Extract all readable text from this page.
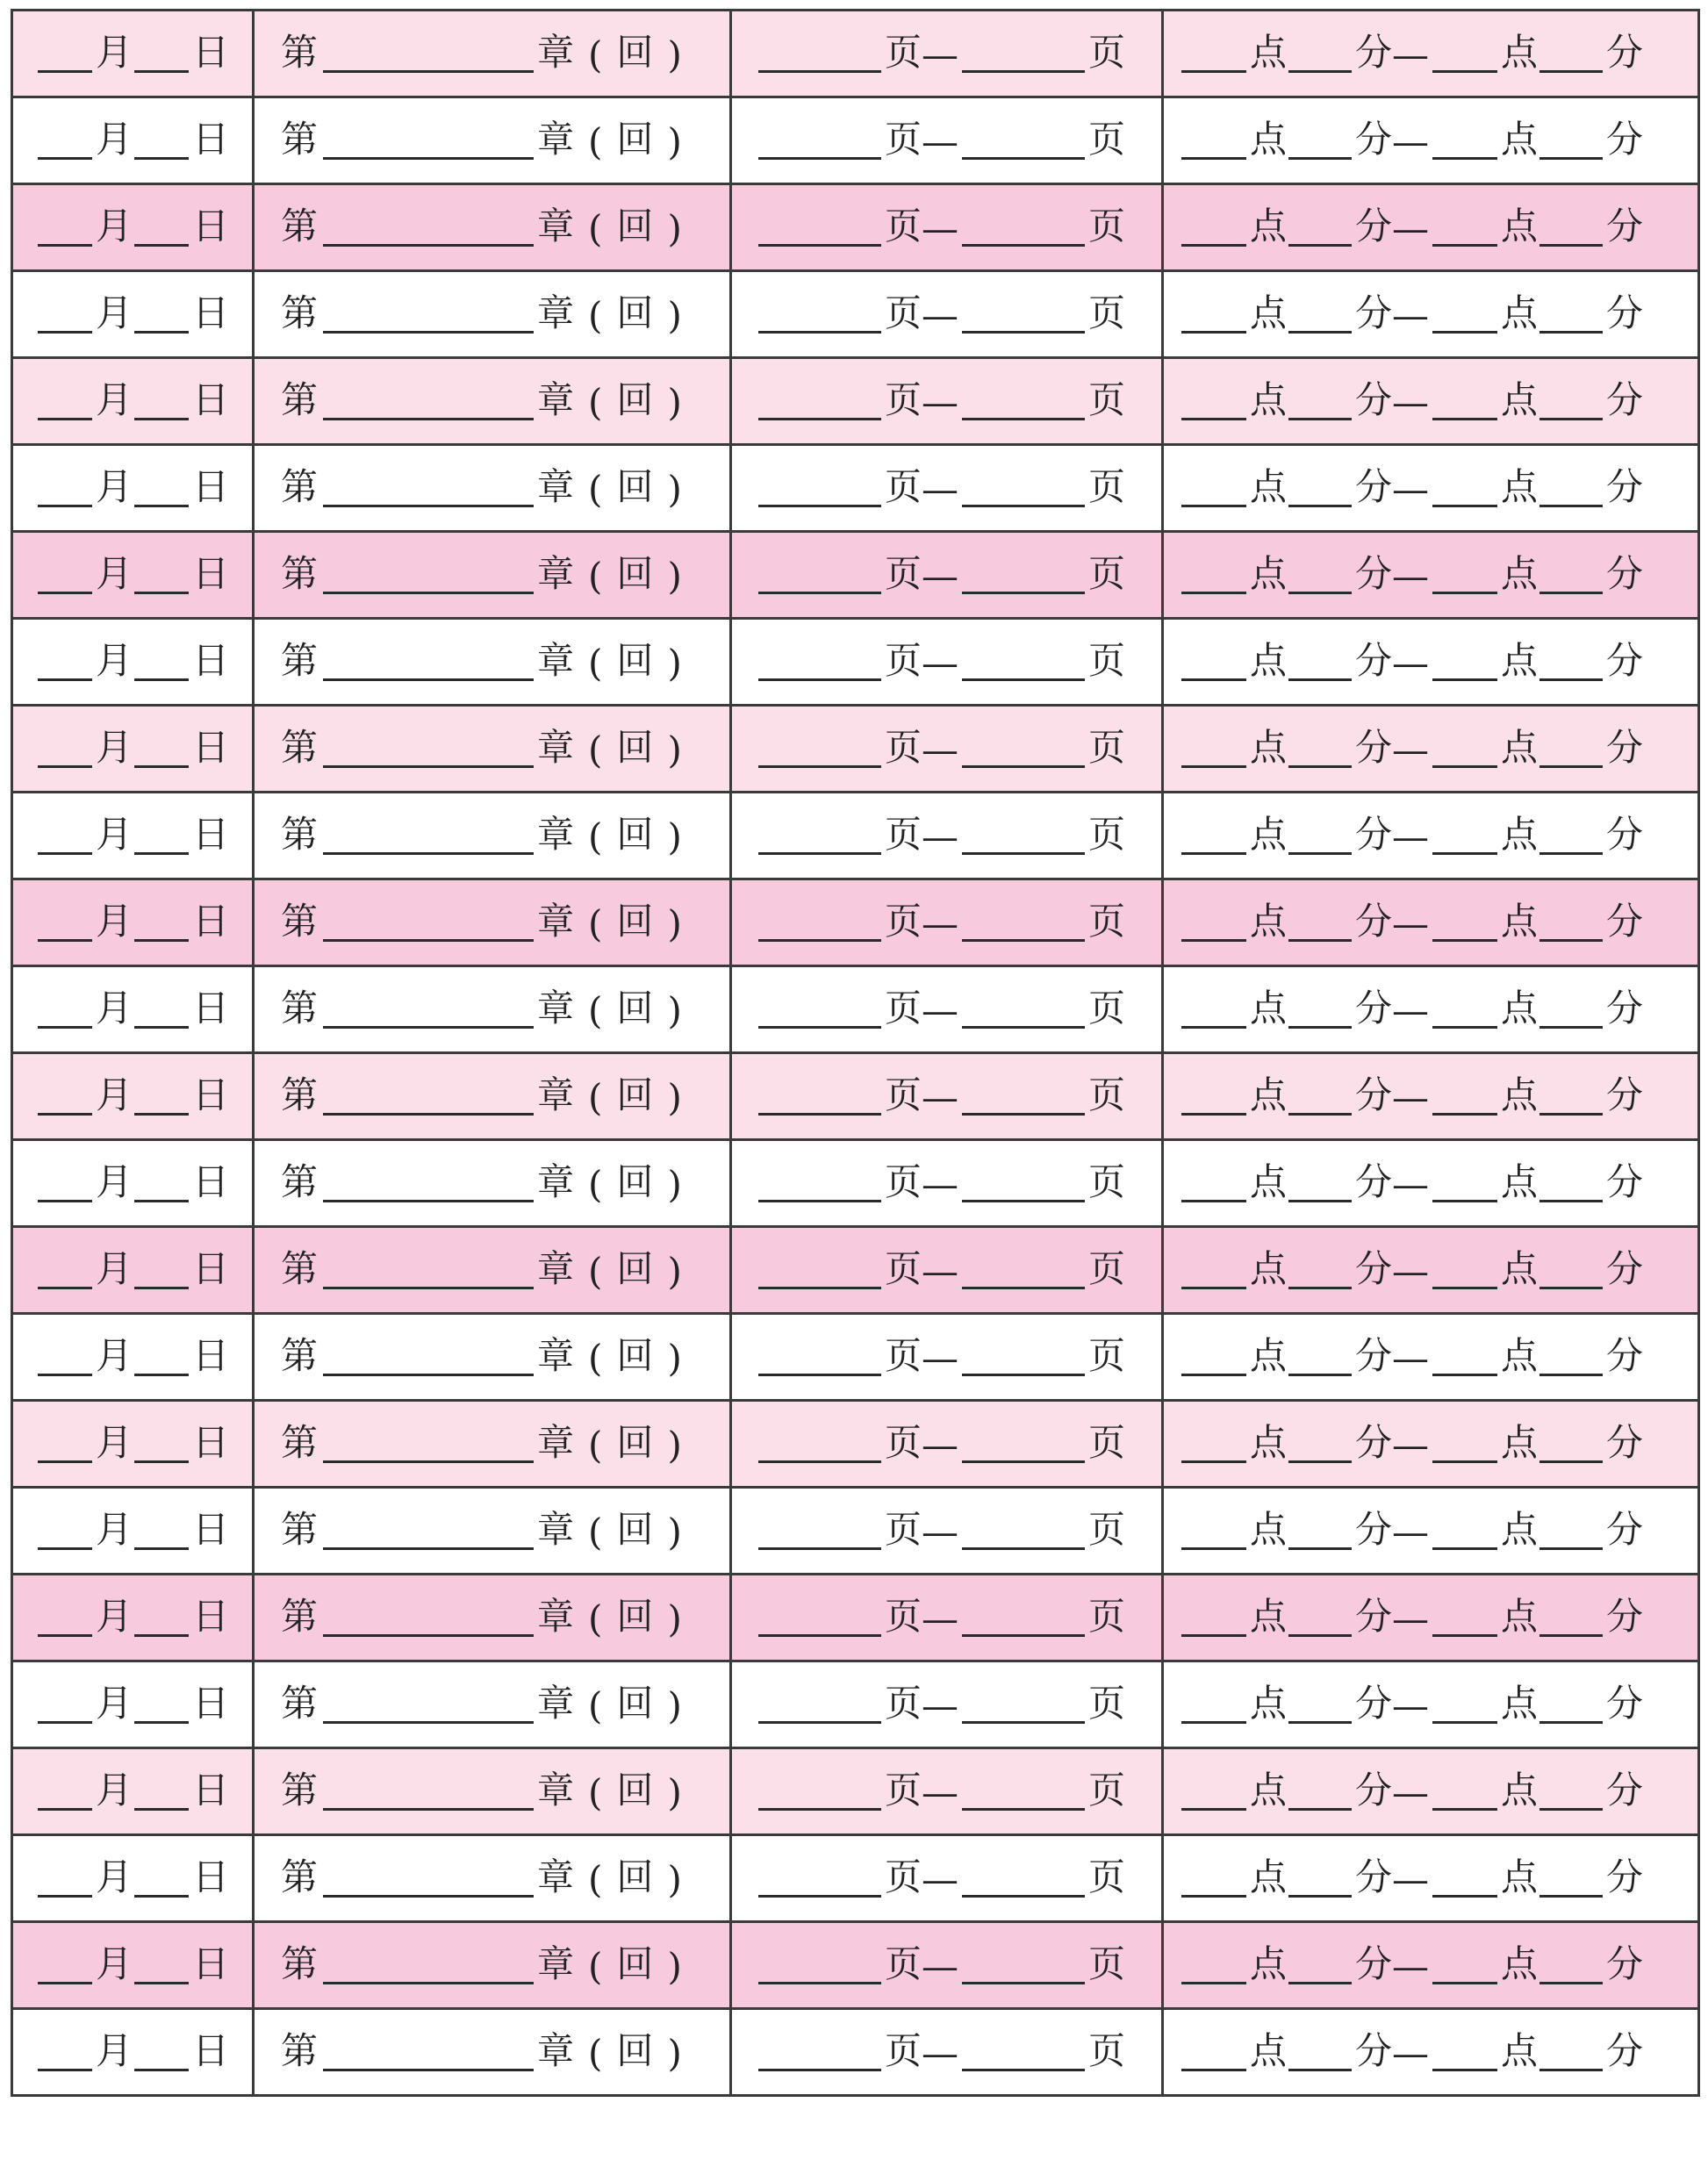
月 日	第 章 ( 回 )	页 — 页	点 分 — 点 分

月 日	第 章 ( 回 )	页 — 页	点 分 — 点 分

月 日	第 章 ( 回 )	页 — 页	点 分 — 点 分

月 日	第 章 ( 回 )	页 — 页	点 分 — 点 分

月 日	第 章 ( 回 )	页 — 页	点 分 — 点 分

月 日	第 章 ( 回 )	页 — 页	点 分 — 点 分

月 日	第 章 ( 回 )	页 — 页	点 分 — 点 分

月 日	第 章 ( 回 )	页 — 页	点 分 — 点 分

月 日	第 章 ( 回 )	页 — 页	点 分 — 点 分

月 日	第 章 ( 回 )	页 — 页	点 分 — 点 分

月 日	第 章 ( 回 )	页 — 页	点 分 — 点 分

月 日	第 章 ( 回 )	页 — 页	点 分 — 点 分

月 日	第 章 ( 回 )	页 — 页	点 分 — 点 分

月 日	第 章 ( 回 )	页 — 页	点 分 — 点 分

月 日	第 章 ( 回 )	页 — 页	点 分 — 点 分

月 日	第 章 ( 回 )	页 — 页	点 分 — 点 分

月 日	第 章 ( 回 )	页 — 页	点 分 — 点 分

月 日	第 章 ( 回 )	页 — 页	点 分 — 点 分

月 日	第 章 ( 回 )	页 — 页	点 分 — 点 分

月 日	第 章 ( 回 )	页 — 页	点 分 — 点 分

月 日	第 章 ( 回 )	页 — 页	点 分 — 点 分

月 日	第 章 ( 回 )	页 — 页	点 分 — 点 分

月 日	第 章 ( 回 )	页 — 页	点 分 — 点 分

月 日	第 章 ( 回 )	页 — 页	点 分 — 点 分
